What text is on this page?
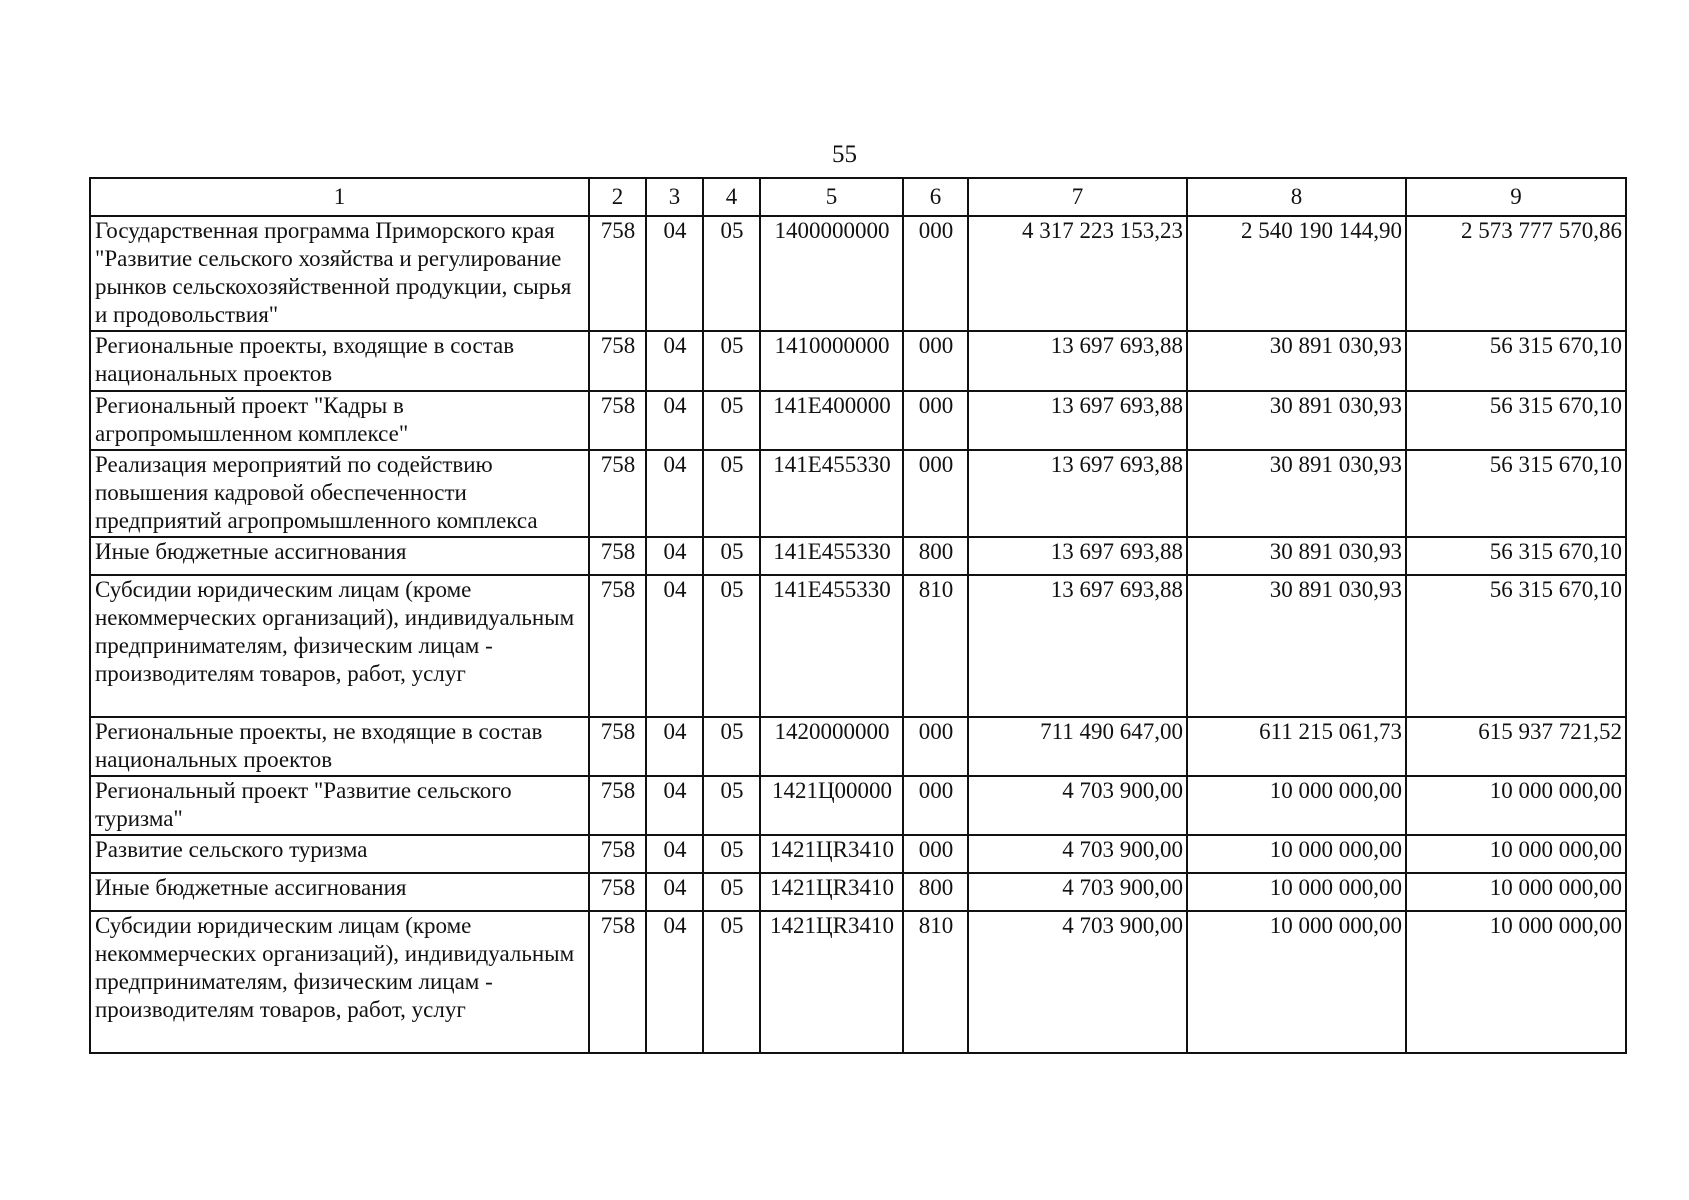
55
1	2	3	4	5	6	7	8	9
Государственная программа Приморского края "Развитие сельского хозяйства и регулирование рынков сельскохозяйственной продукции, сырья и продовольствия"	758	04	05	1400000000	000	4 317 223 153,23	2 540 190 144,90	2 573 777 570,86
Региональные проекты, входящие в состав национальных проектов	758	04	05	1410000000	000	13 697 693,88	30 891 030,93	56 315 670,10
Региональный проект "Кадры в агропромышленном комплексе"	758	04	05	141E400000	000	13 697 693,88	30 891 030,93	56 315 670,10
Реализация мероприятий по содействию повышения кадровой обеспеченности предприятий агропромышленного комплекса	758	04	05	141E455330	000	13 697 693,88	30 891 030,93	56 315 670,10
Иные бюджетные ассигнования	758	04	05	141E455330	800	13 697 693,88	30 891 030,93	56 315 670,10
Субсидии юридическим лицам (кроме некоммерческих организаций), индивидуальным предпринимателям, физическим лицам - производителям товаров, работ, услуг	758	04	05	141E455330	810	13 697 693,88	30 891 030,93	56 315 670,10
Региональные проекты, не входящие в состав национальных проектов	758	04	05	1420000000	000	711 490 647,00	611 215 061,73	615 937 721,52
Региональный проект "Развитие сельского туризма"	758	04	05	1421Ц00000	000	4 703 900,00	10 000 000,00	10 000 000,00
Развитие сельского туризма	758	04	05	1421ЦR3410	000	4 703 900,00	10 000 000,00	10 000 000,00
Иные бюджетные ассигнования	758	04	05	1421ЦR3410	800	4 703 900,00	10 000 000,00	10 000 000,00
Субсидии юридическим лицам (кроме некоммерческих организаций), индивидуальным предпринимателям, физическим лицам - производителям товаров, работ, услуг	758	04	05	1421ЦR3410	810	4 703 900,00	10 000 000,00	10 000 000,00
